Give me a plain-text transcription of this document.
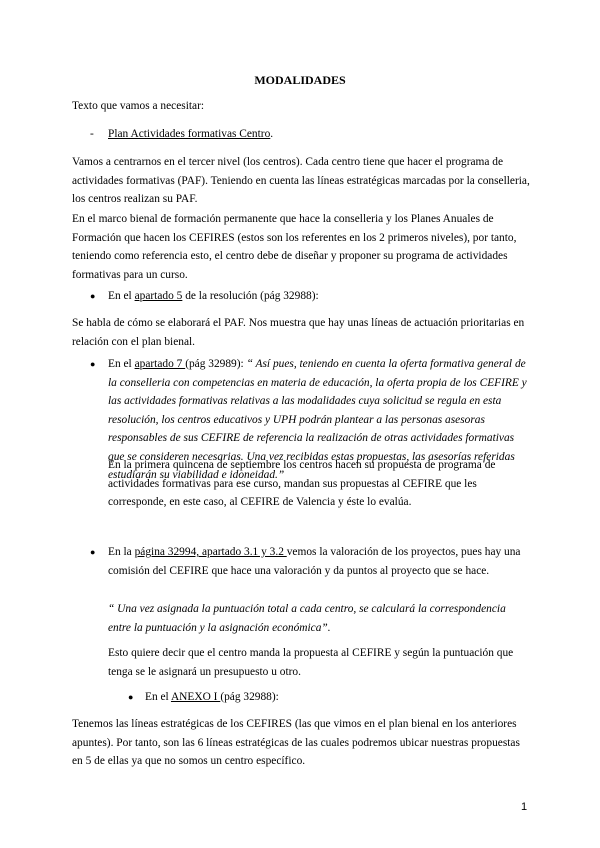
MODALIDADES

Texto que vamos a necesitar:

- Plan Actividades formativas Centro.

Vamos a centrarnos en el tercer nivel (los centros). Cada centro tiene que hacer el programa de actividades formativas (PAF). Teniendo en cuenta las líneas estratégicas marcadas por la conselleria, los centros realizan su PAF.

En el marco bienal de formación permanente que hace la conselleria y los Planes Anuales de Formación que hacen los CEFIRES (estos son los referentes en los 2 primeros niveles), por tanto, teniendo como referencia esto, el centro debe de diseñar y proponer su programa de actividades formativas para un curso.

● En el apartado 5 de la resolución (pág 32988):

Se habla de cómo se elaborará el PAF. Nos muestra que hay unas líneas de actuación prioritarias en relación con el plan bienal.

● En el apartado 7 (pág 32989): “ Así pues, teniendo en cuenta la oferta formativa general de la conselleria con competencias en materia de educación, la oferta propia de los CEFIRE y las actividades formativas relativas a las modalidades cuya solicitud se regula en esta resolución, los centros educativos y UPH podrán plantear a las personas asesoras responsables de sus CEFIRE de referencia la realización de otras actividades formativas que se consideren necesarias. Una vez recibidas estas propuestas, las asesorías referidas estudiarán su viabilidad e idoneidad.”

En la primera quincena de septiembre los centros hacen su propuesta de programa de actividades formativas para ese curso, mandan sus propuestas al CEFIRE que les corresponde, en este caso, al CEFIRE de Valencia y éste lo evalúa.

● En la página 32994, apartado 3.1 y 3.2 vemos la valoración de los proyectos, pues hay una comisión del CEFIRE que hace una valoración y da puntos al proyecto que se hace.

“ Una vez asignada la puntuación total a cada centro, se calculará la correspondencia entre la puntuación y la asignación económica”.

Esto quiere decir que el centro manda la propuesta al CEFIRE y según la puntuación que tenga se le asignará un presupuesto u otro.

● En el ANEXO I (pág 32988):

Tenemos las líneas estratégicas de los CEFIRES (las que vimos en el plan bienal en los anteriores apuntes). Por tanto, son las 6 líneas estratégicas de las cuales podremos ubicar nuestras propuestas en 5 de ellas ya que no somos un centro específico.

1
